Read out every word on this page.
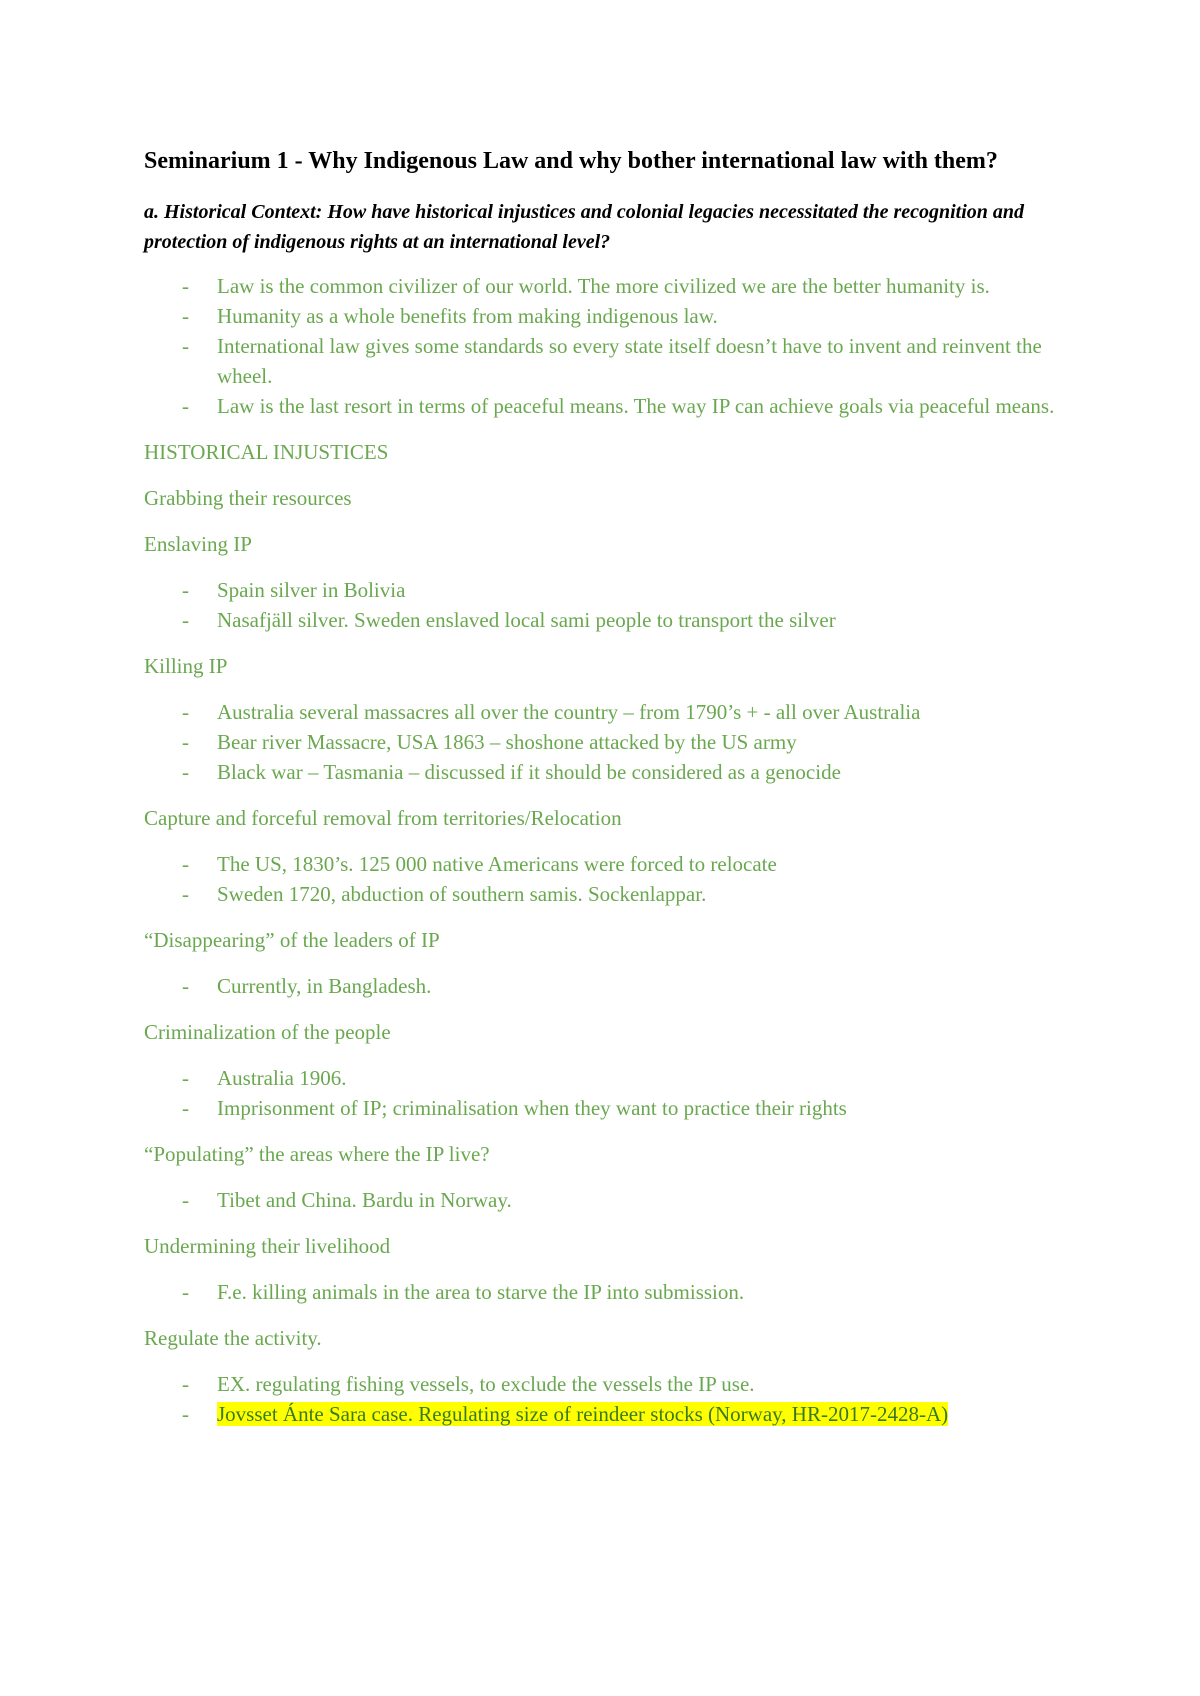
Seminarium 1 - Why Indigenous Law and why bother international law with them?

a. Historical Context: How have historical injustices and colonial legacies necessitated the recognition and protection of indigenous rights at an international level?

- Law is the common civilizer of our world. The more civilized we are the better humanity is.
- Humanity as a whole benefits from making indigenous law.
- International law gives some standards so every state itself doesn’t have to invent and reinvent the wheel.
- Law is the last resort in terms of peaceful means. The way IP can achieve goals via peaceful means.

HISTORICAL INJUSTICES

Grabbing their resources

Enslaving IP

- Spain silver in Bolivia
- Nasafjäll silver. Sweden enslaved local sami people to transport the silver

Killing IP

- Australia several massacres all over the country – from 1790’s + - all over Australia
- Bear river Massacre, USA 1863 – shoshone attacked by the US army
- Black war – Tasmania – discussed if it should be considered as a genocide

Capture and forceful removal from territories/Relocation

- The US, 1830’s. 125 000 native Americans were forced to relocate
- Sweden 1720, abduction of southern samis. Sockenlappar.

“Disappearing” of the leaders of IP

- Currently, in Bangladesh.

Criminalization of the people

- Australia 1906.
- Imprisonment of IP; criminalisation when they want to practice their rights

“Populating” the areas where the IP live?

- Tibet and China. Bardu in Norway.

Undermining their livelihood

- F.e. killing animals in the area to starve the IP into submission.

Regulate the activity.

- EX. regulating fishing vessels, to exclude the vessels the IP use.
- Jovsset Ánte Sara case. Regulating size of reindeer stocks (Norway, HR-2017-2428-A)
